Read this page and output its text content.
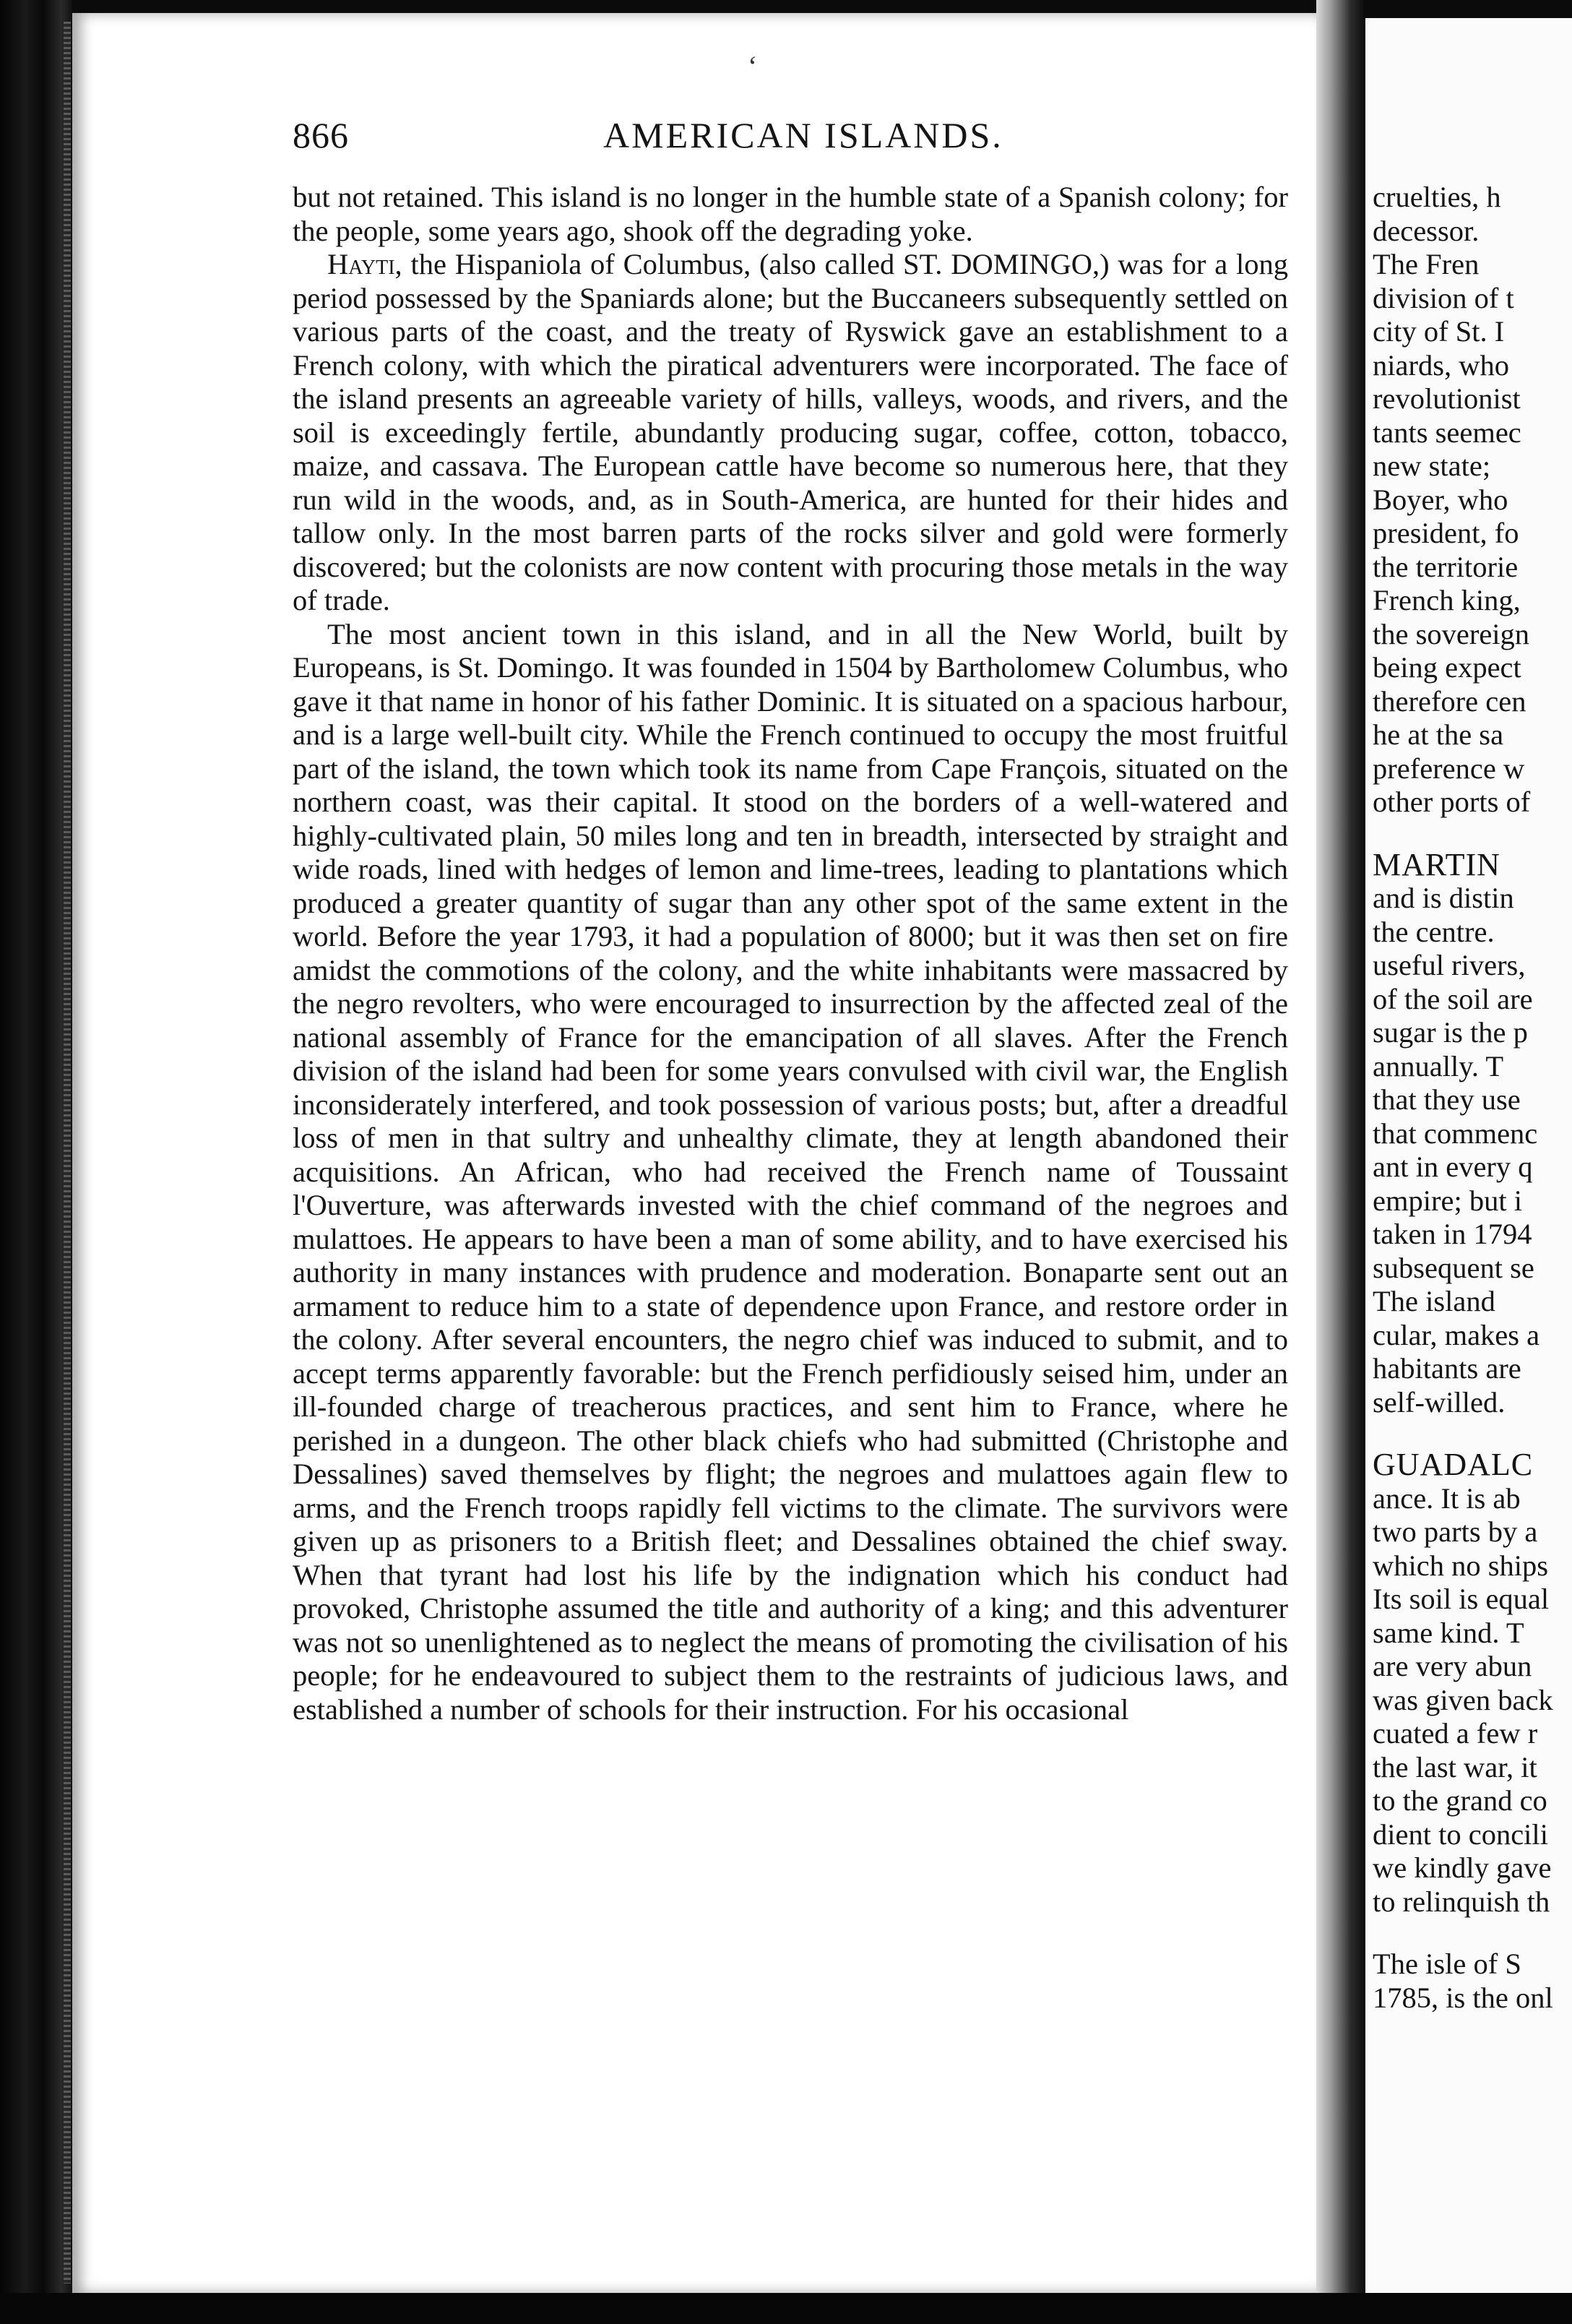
866	AMERICAN ISLANDS.
‘

but not retained. This island is no longer in the humble state of a Spanish colony; for the people, some years ago, shook off the degrading yoke.

Hayti, the Hispaniola of Columbus, (also called ST. DOMINGO,) was for a long period possessed by the Spaniards alone; but the Buccaneers subsequently settled on various parts of the coast, and the treaty of Ryswick gave an establishment to a French colony, with which the piratical adventurers were incorporated. The face of the island presents an agreeable variety of hills, valleys, woods, and rivers, and the soil is exceedingly fertile, abundantly producing sugar, coffee, cotton, tobacco, maize, and cassava. The European cattle have become so numerous here, that they run wild in the woods, and, as in South-America, are hunted for their hides and tallow only. In the most barren parts of the rocks silver and gold were formerly discovered; but the colonists are now content with procuring those metals in the way of trade.

The most ancient town in this island, and in all the New World, built by Europeans, is St. Domingo. It was founded in 1504 by Bartholomew Columbus, who gave it that name in honor of his father Dominic. It is situated on a spacious harbour, and is a large well-built city. While the French continued to occupy the most fruitful part of the island, the town which took its name from Cape François, situated on the northern coast, was their capital. It stood on the borders of a well-watered and highly-cultivated plain, 50 miles long and ten in breadth, intersected by straight and wide roads, lined with hedges of lemon and lime-trees, leading to plantations which produced a greater quantity of sugar than any other spot of the same extent in the world. Before the year 1793, it had a population of 8000; but it was then set on fire amidst the commotions of the colony, and the white inhabitants were massacred by the negro revolters, who were encouraged to insurrection by the affected zeal of the national assembly of France for the emancipation of all slaves. After the French division of the island had been for some years convulsed with civil war, the English inconsiderately interfered, and took possession of various posts; but, after a dreadful loss of men in that sultry and unhealthy climate, they at length abandoned their acquisitions. An African, who had received the French name of Toussaint l'Ouverture, was afterwards invested with the chief command of the negroes and mulattoes. He appears to have been a man of some ability, and to have exercised his authority in many instances with prudence and moderation. Bonaparte sent out an armament to reduce him to a state of dependence upon France, and restore order in the colony. After several encounters, the negro chief was induced to submit, and to accept terms apparently favorable: but the French perfidiously seised him, under an ill-founded charge of treacherous practices, and sent him to France, where he perished in a dungeon. The other black chiefs who had submitted (Christophe and Dessalines) saved themselves by flight; the negroes and mulattoes again flew to arms, and the French troops rapidly fell victims to the climate. The survivors were given up as prisoners to a British fleet; and Dessalines obtained the chief sway. When that tyrant had lost his life by the indignation which his conduct had provoked, Christophe assumed the title and authority of a king; and this adventurer was not so unenlightened as to neglect the means of promoting the civilisation of his people; for he endeavoured to subject them to the restraints of judicious laws, and established a number of schools for their instruction. For his occasional

cruelties, h
decessor.
The Fren
division of t
city of St. I
niards, who
revolutionist
tants seemec
new state;
Boyer, who
president, fo
the territorie
French king,
the sovereign
being expect
therefore cen
he at the sa
preference w
other ports of
MARTIN
and is distin
the centre.
useful rivers,
of the soil are
sugar is the p
annually. T
that they use
that commenc
ant in every q
empire; but i
taken in 1794
subsequent se
The island
cular, makes a
habitants are
self-willed.
GUADALC
ance. It is ab
two parts by a
which no ships
Its soil is equal
same kind. T
are very abun
was given back
cuated a few r
the last war, it
to the grand co
dient to concili
we kindly gave
to relinquish th
The isle of S
1785, is the onl
